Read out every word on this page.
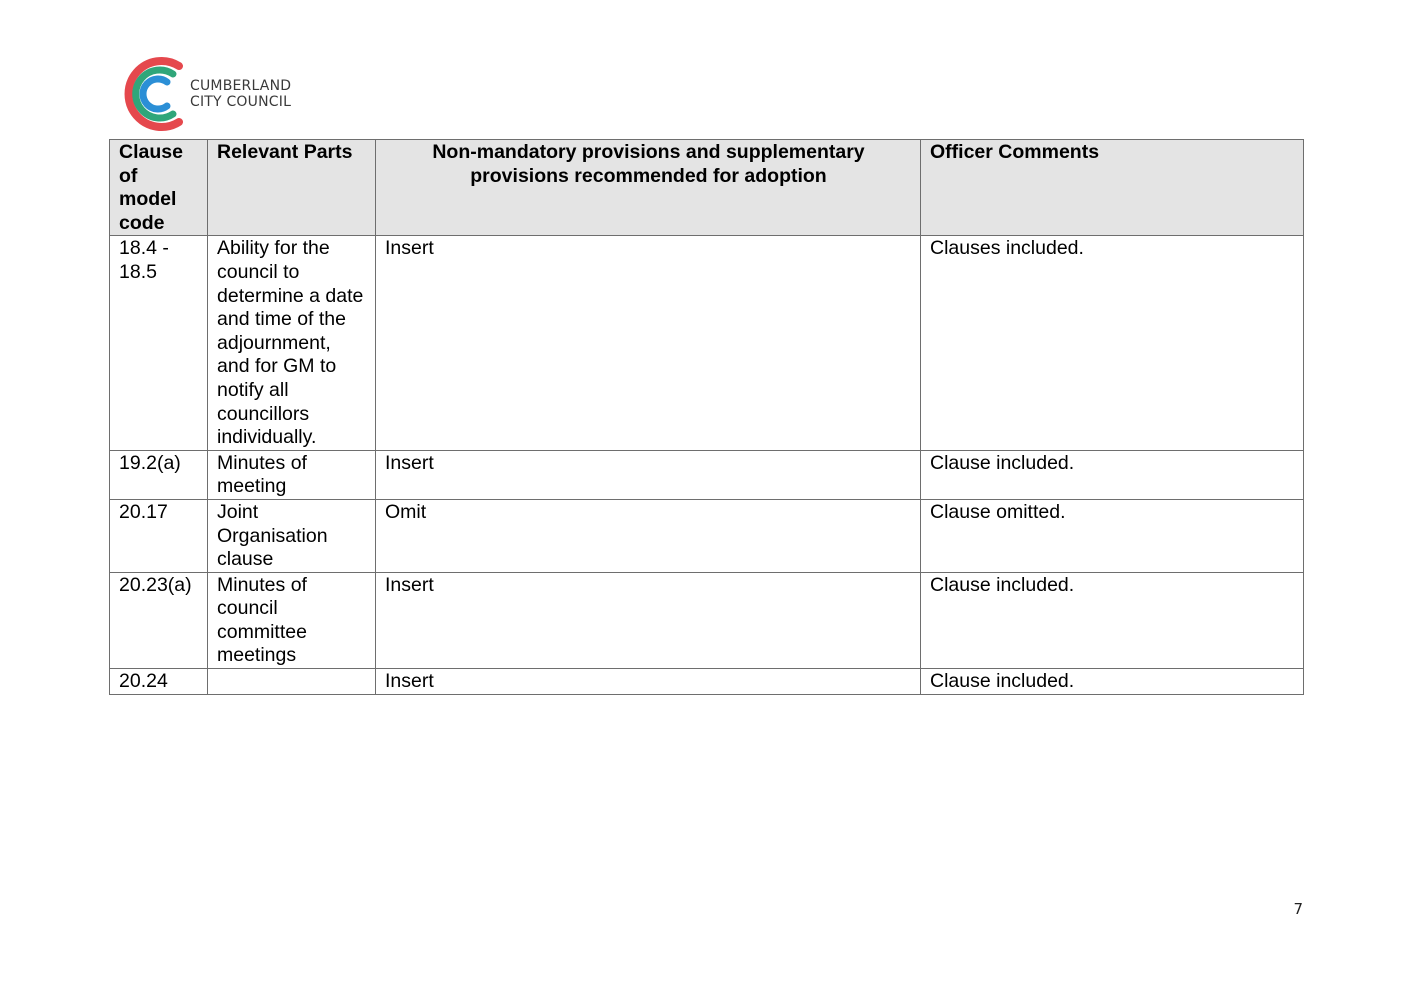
CUMBERLAND
CITY COUNCIL
Clause of model code	Relevant Parts	Non-mandatory provisions and supplementary provisions recommended for adoption	Officer Comments
18.4 - 18.5	Ability for the council to determine a date and time of the adjournment, and for GM to notify all councillors individually.	Insert	Clauses included.
19.2(a)	Minutes of meeting	Insert	Clause included.
20.17	Joint Organisation clause	Omit	Clause omitted.
20.23(a)	Minutes of council committee meetings	Insert	Clause included.
20.24		Insert	Clause included.
7
